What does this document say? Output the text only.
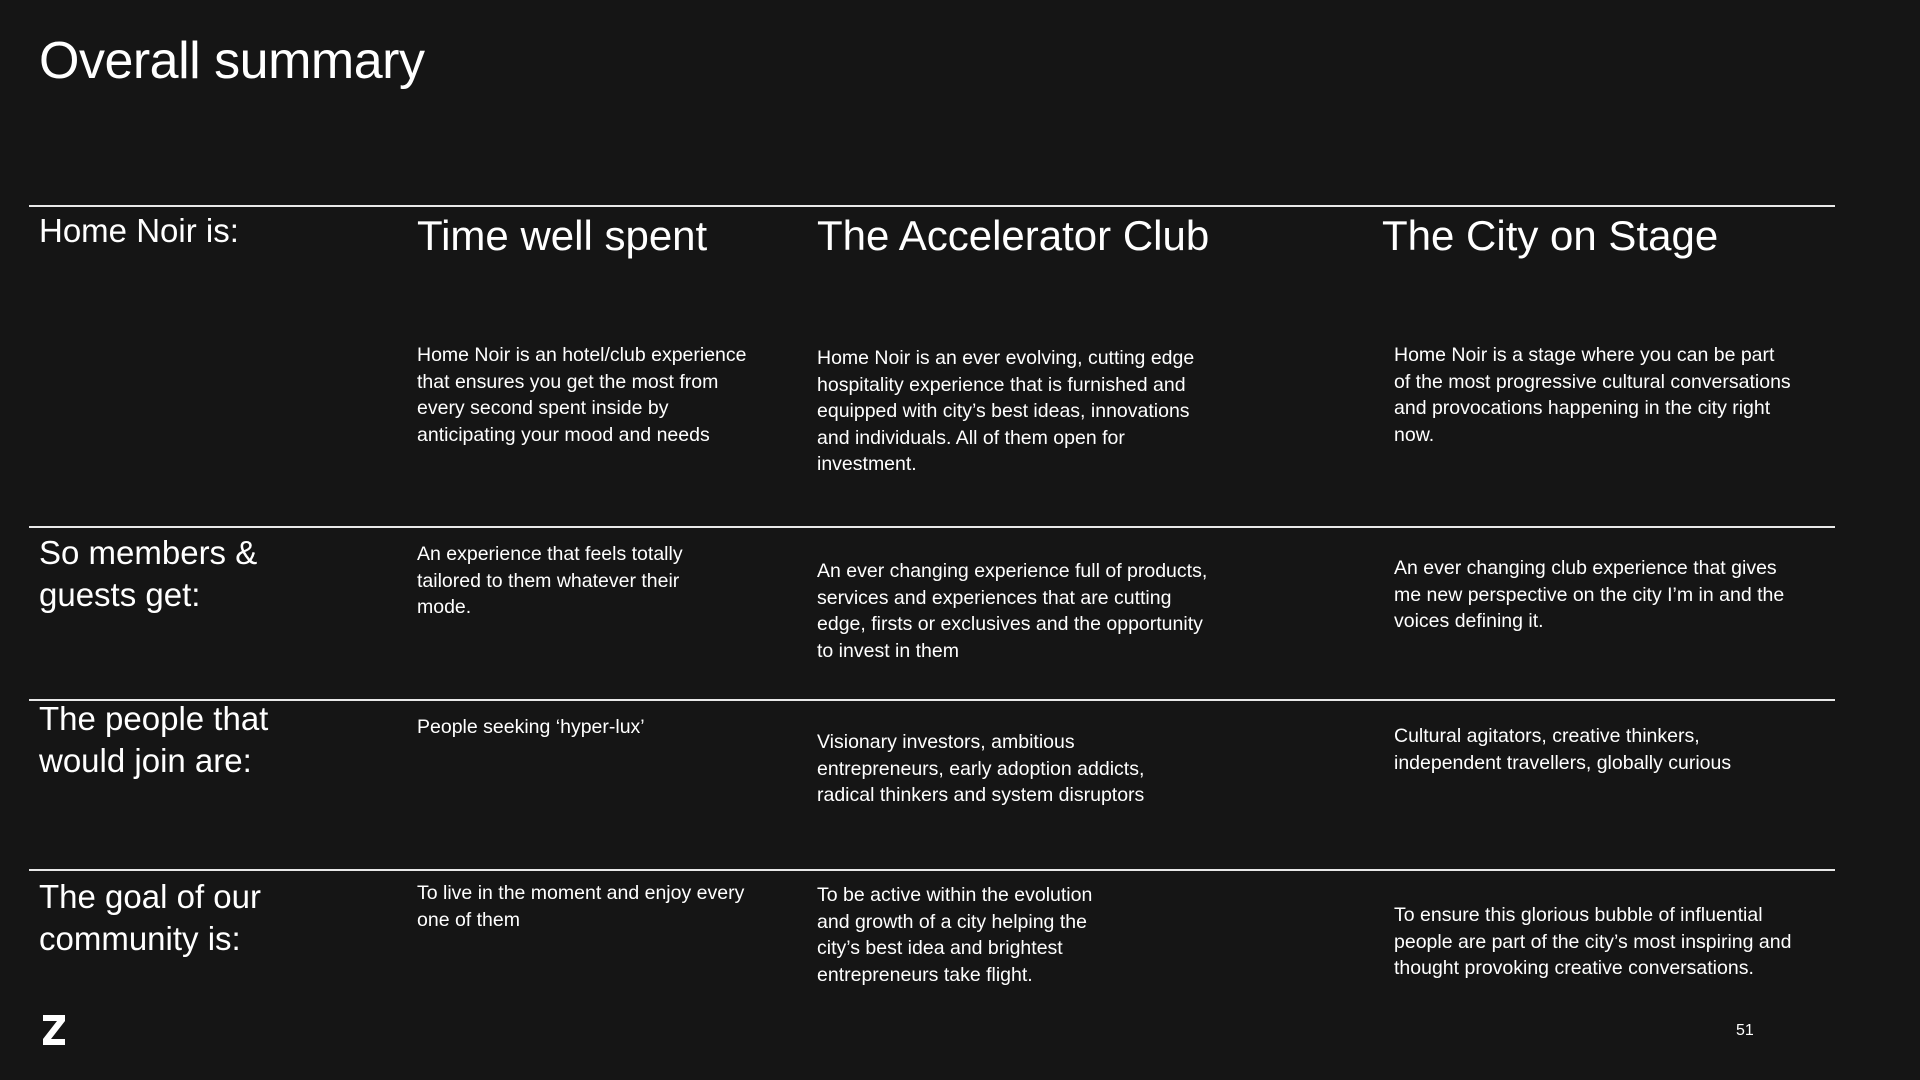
Overall summary
Time well spent	The Accelerator Club	The City on Stage

Home Noir is:

Home Noir is an hotel/club experience that ensures you get the most from every second spent inside by anticipating your mood and needs

Home Noir is an ever evolving, cutting edge hospitality experience that is furnished and equipped with city’s best ideas, innovations and individuals. All of them open for investment.

Home Noir is a stage where you can be part of the most progressive cultural conversations and provocations happening in the city right now.

So members & guests get:

An experience that feels totally tailored to them whatever their mode.

An ever changing experience full of products, services and experiences that are cutting edge, firsts or exclusives and the opportunity to invest in them

An ever changing club experience that gives me new perspective on the city I’m in and the voices defining it.

The people that would join are:

People seeking ‘hyper-lux’

Visionary investors, ambitious entrepreneurs, early adoption addicts, radical thinkers and system disruptors

Cultural agitators, creative thinkers, independent travellers, globally curious

The goal of our community is:

To live in the moment and enjoy every one of them

To be active within the evolution and growth of a city helping the city’s best idea and brightest entrepreneurs take flight.

To ensure this glorious bubble of influential people are part of the city’s most inspiring and thought provoking creative conversations.

51
